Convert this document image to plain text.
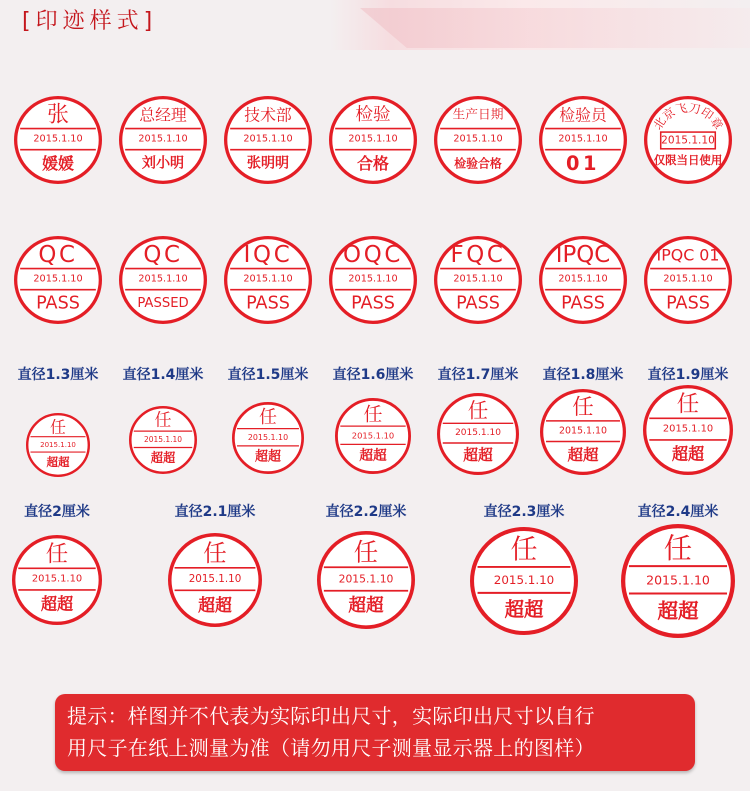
[印迹样式]
张
2015.1.10
媛媛
总经理
2015.1.10
刘小明
技术部
2015.1.10
张明明
检验
2015.1.10
合格
生产日期
2015.1.10
检验合格
检验员
2015.1.10
01
北京飞刀印章
2015.1.10
仅限当日使用
QC
2015.1.10
PASS
QC
2015.1.10
PASSED
IQC
2015.1.10
PASS
OQC
2015.1.10
PASS
FQC
2015.1.10
PASS
IPQC
2015.1.10
PASS
IPQC 01
2015.1.10
PASS
直径1.3厘米 直径1.4厘米 直径1.5厘米 直径1.6厘米 直径1.7厘米 直径1.8厘米 直径1.9厘米
任
2015.1.10
超超
任
2015.1.10
超超
任
2015.1.10
超超
任
2015.1.10
超超
任
2015.1.10
超超
任
2015.1.10
超超
任
2015.1.10
超超
直径2厘米	直径2.1厘米	直径2.2厘米	直径2.3厘米	直径2.4厘米
任
2015.1.10
超超
任
2015.1.10
超超
任
2015.1.10
超超
任
2015.1.10
超超
任
2015.1.10
超超
提示：样图并不代表为实际印出尺寸，实际印出尺寸以自行
用尺子在纸上测量为准（请勿用尺子测量显示器上的图样）
